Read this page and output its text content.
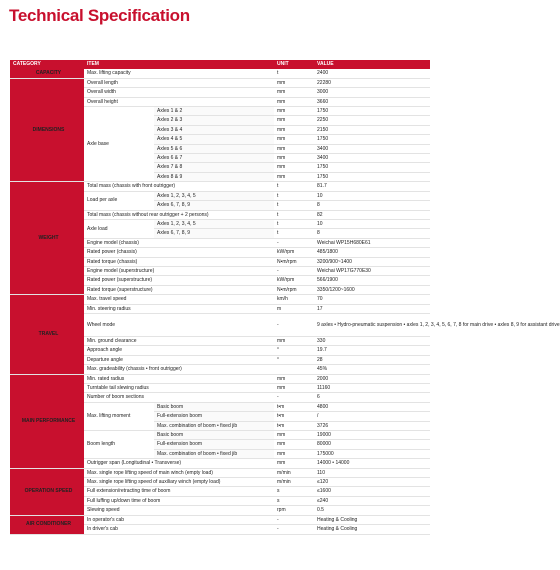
Technical Specification
CATEGORY	ITEM		UNIT	VALUE
CAPACITY	Max. lifting capacity		t	2400
DIMENSIONS	Overall length		mm	22280
	Overall width		mm	3000
	Overall height		mm	3660
	Axle base	Axles 1 & 2	mm	1750
		Axles 2 & 3	mm	2250
		Axles 3 & 4	mm	2150
		Axles 4 & 5	mm	1750
		Axles 5 & 6	mm	3400
		Axles 6 & 7	mm	3400
		Axles 7 & 8	mm	1750
		Axles 8 & 9	mm	1750
WEIGHT	Total mass (chassis with front outrigger)		t	81.7
	Load per axle	Axles 1, 2, 3, 4, 5	t	10
		Axles 6, 7, 8, 9	t	8
	Total mass (chassis without rear outrigger + 2 persons)		t	82
	Axle load	Axles 1, 2, 3, 4, 5	t	10
		Axles 6, 7, 8, 9	t	8
	Engine model (chassis)		-	Weichai WP15H680E61
	Rated power (chassis)		kW/rpm	485/1800
	Rated torque (chassis)		N•m/rpm	3200/900~1400
	Engine model (superstructure)		-	Weichai WP17G770E30
	Rated power (superstructure)		kW/rpm	566/1900
	Rated torque (superstructure)		N•m/rpm	3350/1200~1600
TRAVEL	Max. travel speed		km/h	70
	Min. steering radius		m	17
	Wheel mode		-	9 axles • Hydro-pneumatic suspension • axles 1, 2, 3, 4, 5, 6, 7, 8 for main drive • axles 8, 9 for assistant drive
	Min. ground clearance		mm	330
	Approach angle		°	19.7
	Departure angle		°	28
	Max. gradeability (chassis • front outrigger)			45%
MAIN PERFORMANCE	Min. rated radius		mm	2000
	Turntable tail slewing radius		mm	11160
	Number of boom sections		-	6
	Max. lifting moment	Basic boom	t•m	4800
		Full-extension boom	t•m	/
		Max. combination of boom • fixed jib	t•m	3726
	Boom length	Basic boom	mm	19000
		Full-extension boom	mm	80000
		Max. combination of boom • fixed jib	mm	175000
	Outrigger span (Longitudinal • Transverse)		mm	14000 • 14000
OPERATION SPEED	Max. single rope lifting speed of main winch (empty load)		m/min	110
	Max. single rope lifting speed of auxiliary winch (empty load)		m/min	≤120
	Full extension/retracting time of boom		s	≤1600
	Full luffing up/down time of boom		s	≤240
	Slewing speed		rpm	0.5
AIR CONDITIONER	In operator's cab		-	Heating & Cooling
	In driver's cab		-	Heating & Cooling
